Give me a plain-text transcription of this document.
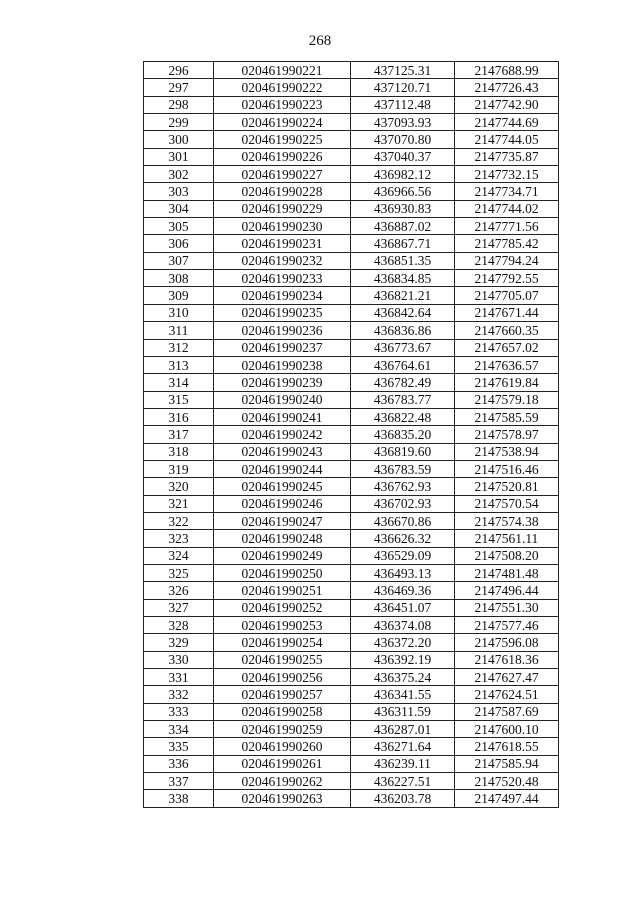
268
296	020461990221	437125.31	2147688.99
297	020461990222	437120.71	2147726.43
298	020461990223	437112.48	2147742.90
299	020461990224	437093.93	2147744.69
300	020461990225	437070.80	2147744.05
301	020461990226	437040.37	2147735.87
302	020461990227	436982.12	2147732.15
303	020461990228	436966.56	2147734.71
304	020461990229	436930.83	2147744.02
305	020461990230	436887.02	2147771.56
306	020461990231	436867.71	2147785.42
307	020461990232	436851.35	2147794.24
308	020461990233	436834.85	2147792.55
309	020461990234	436821.21	2147705.07
310	020461990235	436842.64	2147671.44
311	020461990236	436836.86	2147660.35
312	020461990237	436773.67	2147657.02
313	020461990238	436764.61	2147636.57
314	020461990239	436782.49	2147619.84
315	020461990240	436783.77	2147579.18
316	020461990241	436822.48	2147585.59
317	020461990242	436835.20	2147578.97
318	020461990243	436819.60	2147538.94
319	020461990244	436783.59	2147516.46
320	020461990245	436762.93	2147520.81
321	020461990246	436702.93	2147570.54
322	020461990247	436670.86	2147574.38
323	020461990248	436626.32	2147561.11
324	020461990249	436529.09	2147508.20
325	020461990250	436493.13	2147481.48
326	020461990251	436469.36	2147496.44
327	020461990252	436451.07	2147551.30
328	020461990253	436374.08	2147577.46
329	020461990254	436372.20	2147596.08
330	020461990255	436392.19	2147618.36
331	020461990256	436375.24	2147627.47
332	020461990257	436341.55	2147624.51
333	020461990258	436311.59	2147587.69
334	020461990259	436287.01	2147600.10
335	020461990260	436271.64	2147618.55
336	020461990261	436239.11	2147585.94
337	020461990262	436227.51	2147520.48
338	020461990263	436203.78	2147497.44
